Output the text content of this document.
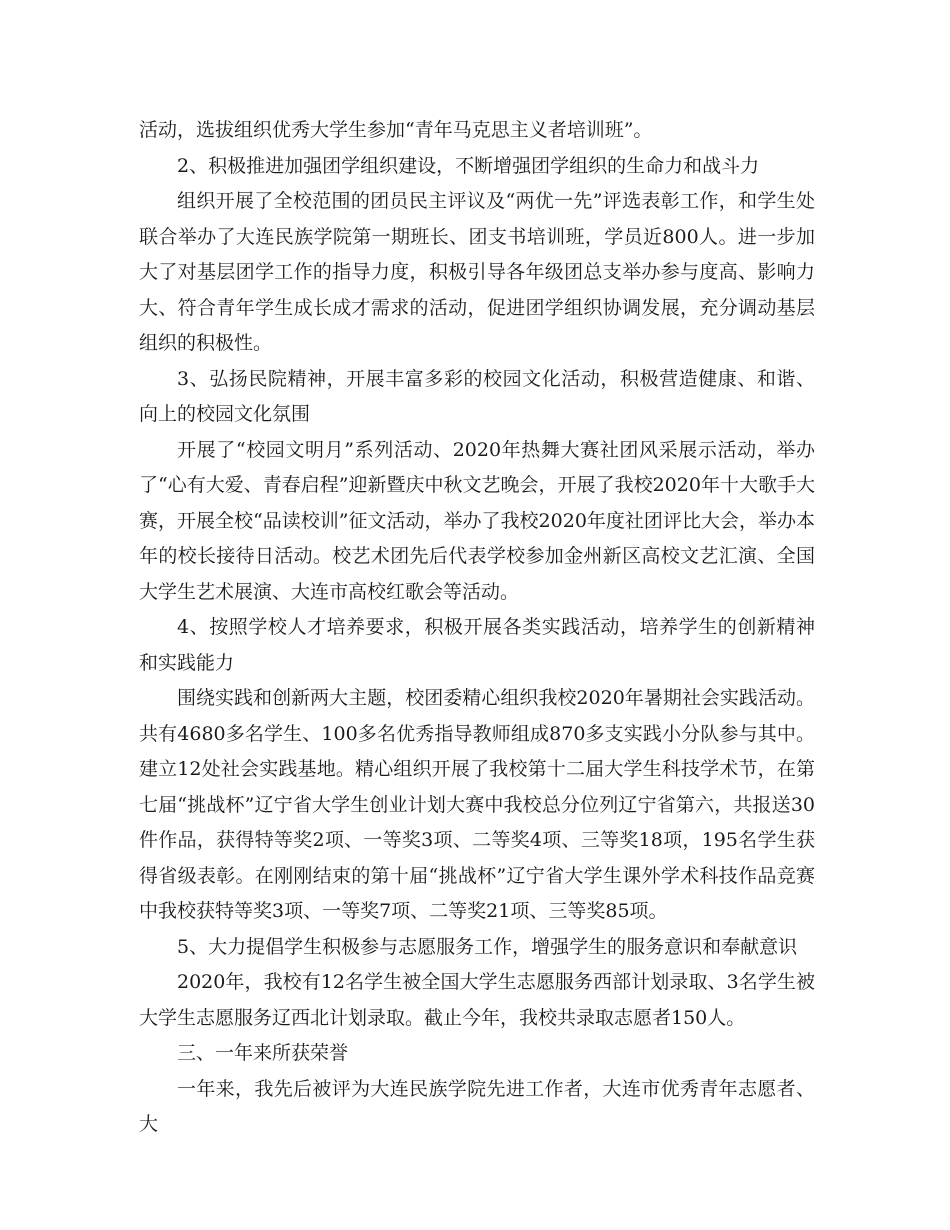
活动，选拔组织优秀大学生参加“青年马克思主义者培训班”。

2、积极推进加强团学组织建设，不断增强团学组织的生命力和战斗力

组织开展了全校范围的团员民主评议及“两优一先”评选表彰工作，和学生处联合举办了大连民族学院第一期班长、团支书培训班，学员近800人。进一步加大了对基层团学工作的指导力度，积极引导各年级团总支举办参与度高、影响力大、符合青年学生成长成才需求的活动，促进团学组织协调发展，充分调动基层组织的积极性。

3、弘扬民院精神，开展丰富多彩的校园文化活动，积极营造健康、和谐、向上的校园文化氛围

开展了“校园文明月”系列活动、2020年热舞大赛社团风采展示活动，举办了“心有大爱、青春启程”迎新暨庆中秋文艺晚会，开展了我校2020年十大歌手大赛，开展全校“品读校训”征文活动，举办了我校2020年度社团评比大会，举办本年的校长接待日活动。校艺术团先后代表学校参加金州新区高校文艺汇演、全国大学生艺术展演、大连市高校红歌会等活动。

4、按照学校人才培养要求，积极开展各类实践活动，培养学生的创新精神和实践能力

围绕实践和创新两大主题，校团委精心组织我校2020年暑期社会实践活动。共有4680多名学生、100多名优秀指导教师组成870多支实践小分队参与其中。建立12处社会实践基地。精心组织开展了我校第十二届大学生科技学术节，在第七届“挑战杯”辽宁省大学生创业计划大赛中我校总分位列辽宁省第六，共报送30件作品，获得特等奖2项、一等奖3项、二等奖4项、三等奖18项，195名学生获得省级表彰。在刚刚结束的第十届“挑战杯”辽宁省大学生课外学术科技作品竞赛中我校获特等奖3项、一等奖7项、二等奖21项、三等奖85项。

5、大力提倡学生积极参与志愿服务工作，增强学生的服务意识和奉献意识

2020年，我校有12名学生被全国大学生志愿服务西部计划录取、3名学生被大学生志愿服务辽西北计划录取。截止今年，我校共录取志愿者150人。

三、一年来所获荣誉

一年来，我先后被评为大连民族学院先进工作者，大连市优秀青年志愿者、大
